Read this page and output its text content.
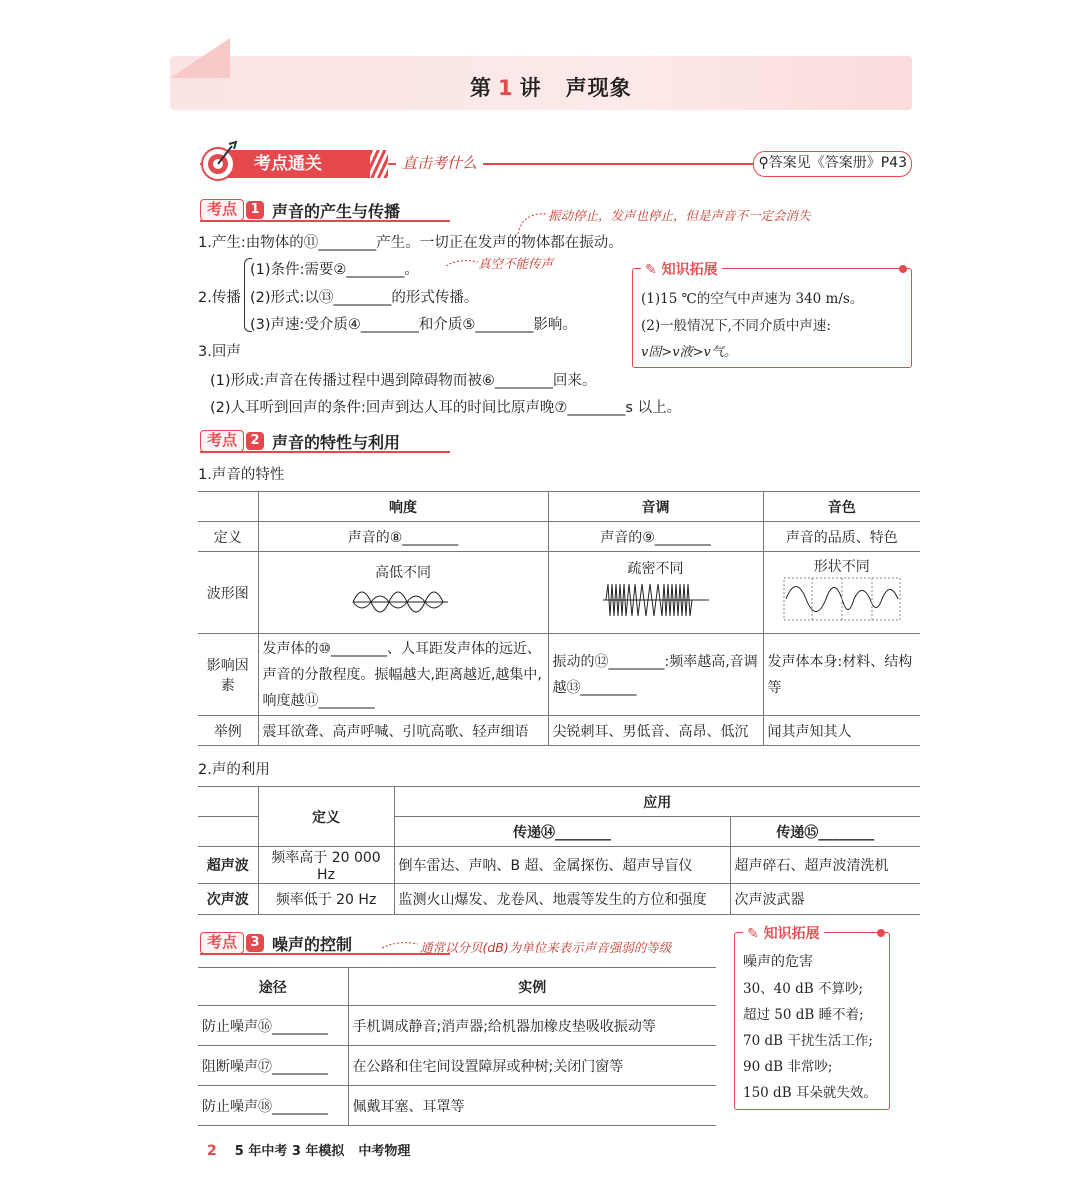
第 1 讲 声现象
考点通关	直击考什么	⚲答案见《答案册》P43
考点	1 声音的产生与传播	振动停止，发声也停止，但是声音不一定会消失
1.产生:由物体的⑪________产生。一切正在发声的物体都在振动。
2.传播
(1)条件:需要②________。	真空不能传声
(2)形式:以⑬________的形式传播。
(3)声速:受介质④________和介质⑤________影响。
3.回声
(1)形成:声音在传播过程中遇到障碍物而被⑥________回来。
(2)人耳听到回声的条件:回声到达人耳的时间比原声晚⑦________s 以上。
✎ 知识拓展
(1)15 ℃的空气中声速为 340 m/s。
(2)一般情况下,不同介质中声速:
v固>v液>v气。
考点	2 声音的特性与利用
1.声音的特性
	响度	音调	音色
定义	声音的⑧________	声音的⑨________	声音的品质、特色
波形图	高低不同	疏密不同	形状不同

影响因素	发声体的⑩________、人耳距发声体的远近、声音的分散程度。振幅越大,距离越近,越集中,响度越⑪________	振动的⑫________:频率越高,音调越⑬________	发声体本身:材料、结构等
举例	震耳欲聋、高声呼喊、引吭高歌、轻声细语	尖锐刺耳、男低音、高昂、低沉	闻其声知其人
2.声的利用
	定义	应用	
		传递⑭________	传递⑮________
超声波	频率高于 20 000 Hz	倒车雷达、声呐、B 超、金属探伤、超声导盲仪	超声碎石、超声波清洗机
次声波	频率低于 20 Hz	监测火山爆发、龙卷风、地震等发生的方位和强度	次声波武器
考点	3 噪声的控制	通常以分贝(dB)为单位来表示声音强弱的等级
途径	实例
防止噪声⑯________	手机调成静音;消声器;给机器加橡皮垫吸收振动等
阻断噪声⑰________	在公路和住宅间设置障屏或种树;关闭门窗等
防止噪声⑱________	佩戴耳塞、耳罩等
✎ 知识拓展
噪声的危害
30、40 dB 不算吵;
超过 50 dB 睡不着;
70 dB 干扰生活工作;
90 dB 非常吵;
150 dB 耳朵就失效。
2 5 年中考 3 年模拟 中考物理
